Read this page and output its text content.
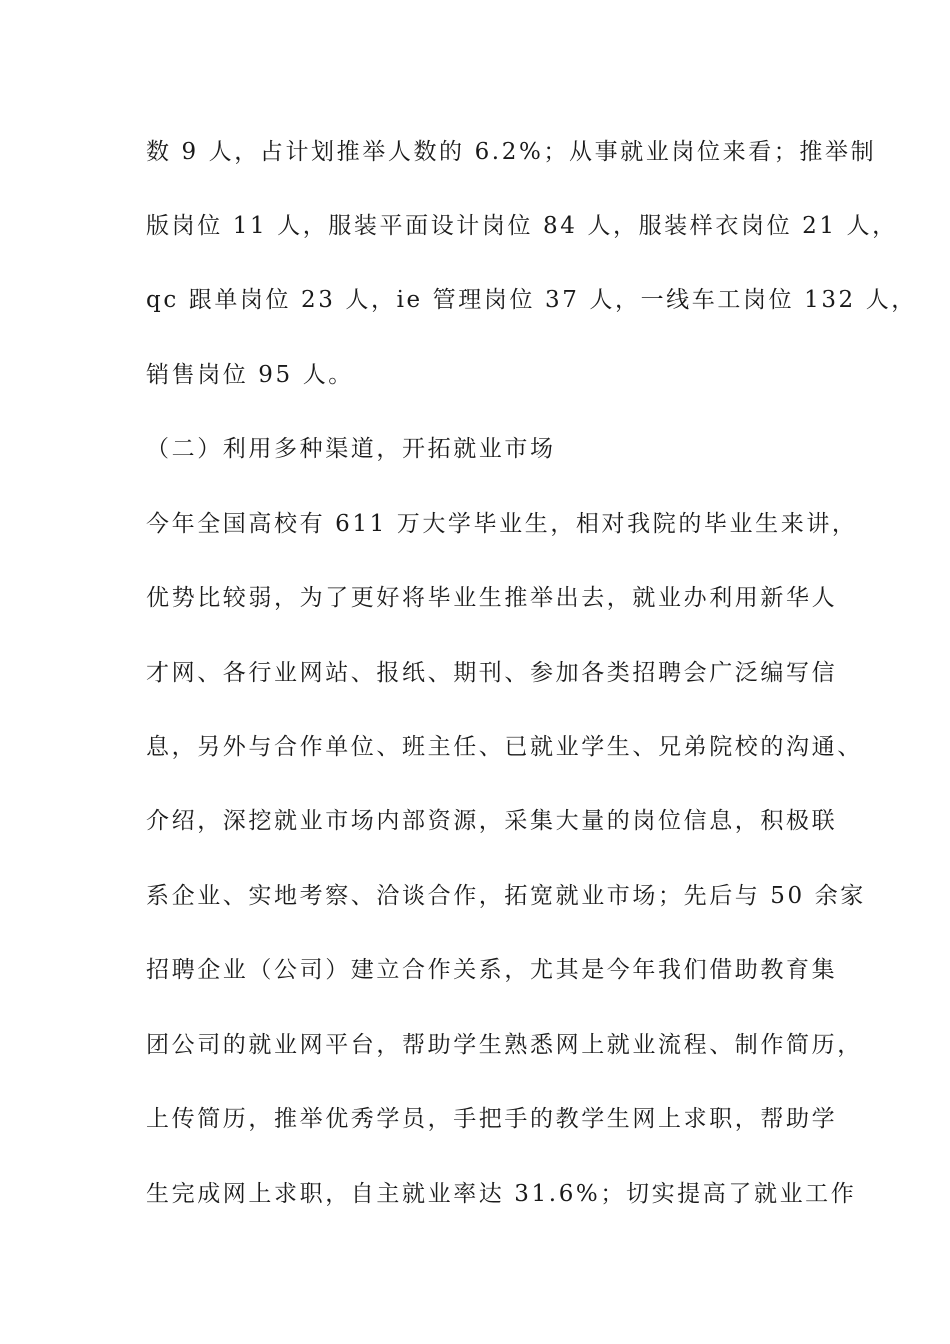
数 9 人，占计划推举人数的 6.2%；从事就业岗位来看；推举制
版岗位 11 人，服装平面设计岗位 84 人，服装样衣岗位 21 人，
qc 跟单岗位 23 人，ie 管理岗位 37 人，一线车工岗位 132 人，
销售岗位 95 人。
（二）利用多种渠道，开拓就业市场
今年全国高校有 611 万大学毕业生，相对我院的毕业生来讲，
优势比较弱，为了更好将毕业生推举出去，就业办利用新华人
才网、各行业网站、报纸、期刊、参加各类招聘会广泛编写信
息，另外与合作单位、班主任、已就业学生、兄弟院校的沟通、
介绍，深挖就业市场内部资源，采集大量的岗位信息，积极联
系企业、实地考察、洽谈合作，拓宽就业市场；先后与 50 余家
招聘企业（公司）建立合作关系，尤其是今年我们借助教育集
团公司的就业网平台，帮助学生熟悉网上就业流程、制作简历，
上传简历，推举优秀学员，手把手的教学生网上求职，帮助学
生完成网上求职，自主就业率达 31.6%；切实提高了就业工作
